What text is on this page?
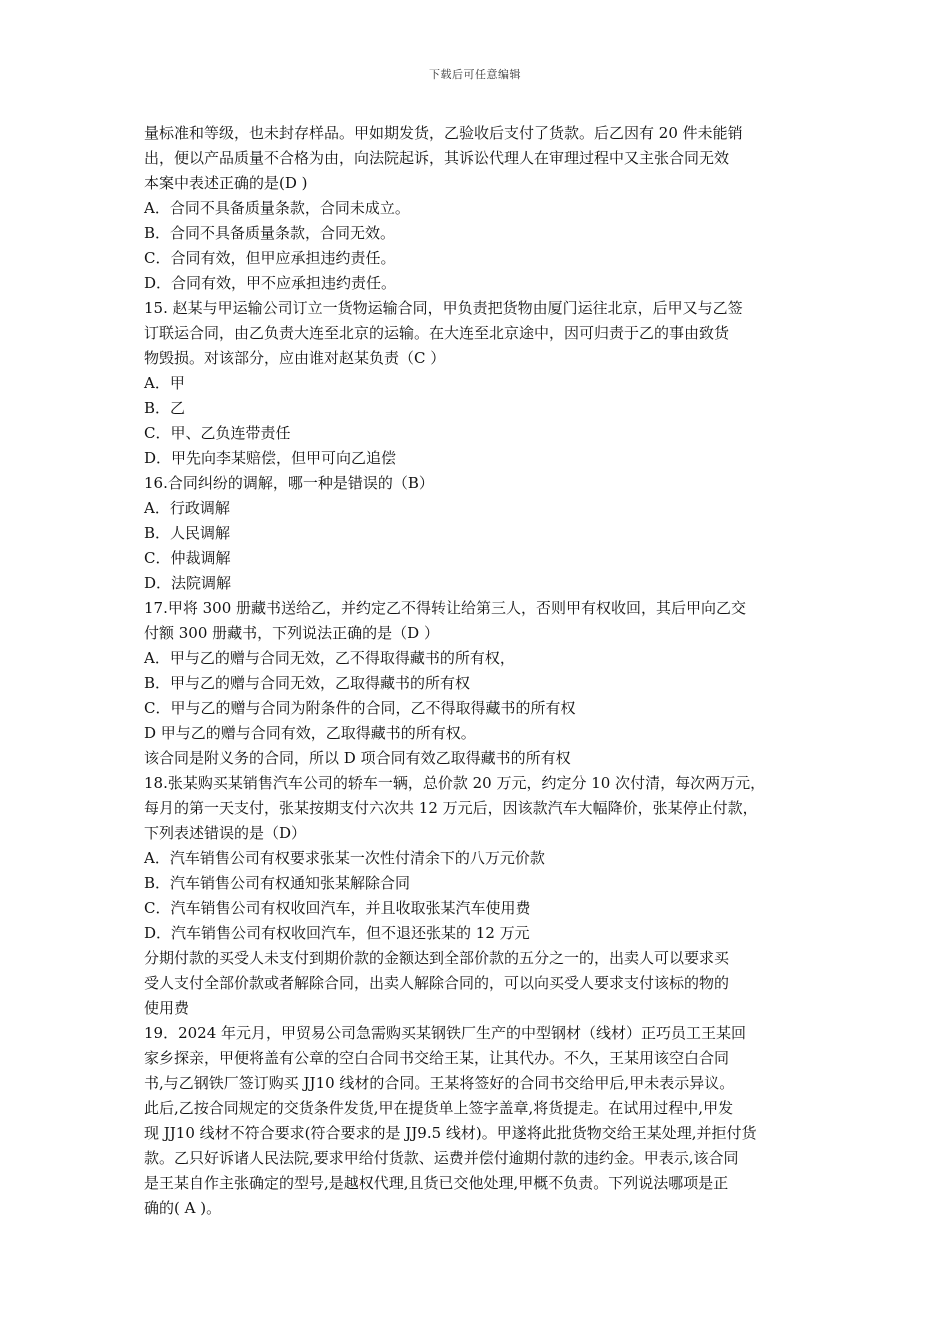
下载后可任意编辑
量标准和等级，也未封存样品。甲如期发货，乙验收后支付了货款。后乙因有 20 件未能销
出，便以产品质量不合格为由，向法院起诉，其诉讼代理人在审理过程中又主张合同无效
本案中表述正确的是(D )
A．合同不具备质量条款，合同未成立。
B．合同不具备质量条款，合同无效。
C．合同有效，但甲应承担违约责任。
D．合同有效，甲不应承担违约责任。
15. 赵某与甲运输公司订立一货物运输合同，甲负责把货物由厦门运往北京，后甲又与乙签
订联运合同，由乙负责大连至北京的运输。在大连至北京途中，因可归责于乙的事由致货
物毁损。对该部分，应由谁对赵某负责（C ）
A．甲
B．乙
C．甲、乙负连带责任
D．甲先向李某赔偿，但甲可向乙追偿
16.合同纠纷的调解，哪一种是错误的（B）
A．行政调解
B．人民调解
C．仲裁调解
D．法院调解
17.甲将 300 册藏书送给乙，并约定乙不得转让给第三人，否则甲有权收回，其后甲向乙交
付额 300 册藏书，下列说法正确的是（D ）
A．甲与乙的赠与合同无效，乙不得取得藏书的所有权，
B．甲与乙的赠与合同无效，乙取得藏书的所有权
C．甲与乙的赠与合同为附条件的合同，乙不得取得藏书的所有权
D 甲与乙的赠与合同有效，乙取得藏书的所有权。
该合同是附义务的合同，所以 D 项合同有效乙取得藏书的所有权
18.张某购买某销售汽车公司的轿车一辆，总价款 20 万元，约定分 10 次付清，每次两万元，
每月的第一天支付，张某按期支付六次共 12 万元后，因该款汽车大幅降价，张某停止付款，
下列表述错误的是（D）
A．汽车销售公司有权要求张某一次性付清余下的八万元价款
B．汽车销售公司有权通知张某解除合同
C．汽车销售公司有权收回汽车，并且收取张某汽车使用费
D．汽车销售公司有权收回汽车，但不退还张某的 12 万元
分期付款的买受人未支付到期价款的金额达到全部价款的五分之一的，出卖人可以要求买
受人支付全部价款或者解除合同，出卖人解除合同的，可以向买受人要求支付该标的物的
使用费
19．2024 年元月，甲贸易公司急需购买某钢铁厂生产的中型钢材（线材）正巧员工王某回
家乡探亲，甲便将盖有公章的空白合同书交给王某，让其代办。不久，王某用该空白合同
书,与乙钢铁厂签订购买 JJ10 线材的合同。王某将签好的合同书交给甲后,甲未表示异议。
此后,乙按合同规定的交货条件发货,甲在提货单上签字盖章,将货提走。在试用过程中,甲发
现 JJ10 线材不符合要求(符合要求的是 JJ9.5 线材)。甲遂将此批货物交给王某处理,并拒付货
款。乙只好诉诸人民法院,要求甲给付货款、运费并偿付逾期付款的违约金。甲表示,该合同
是王某自作主张确定的型号,是越权代理,且货已交他处理,甲概不负责。下列说法哪项是正
确的( A )。
